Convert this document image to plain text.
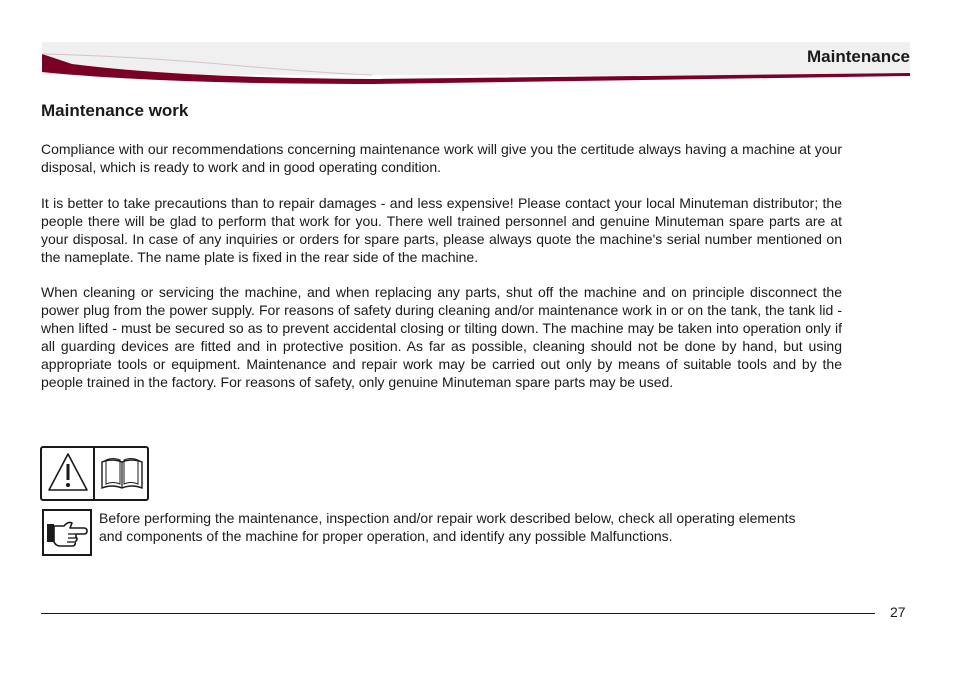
Maintenance
Maintenance work

Compliance with our recommendations concerning maintenance work will give you the certitude always having a machine at your disposal, which is ready to work and in good operating condition.

It is better to take precautions than to repair damages - and less expensive! Please contact your local Minuteman distributor; the people there will be glad to perform that work for you. There well trained personnel and genuine Minuteman spare parts are at your disposal. In case of any inquiries or orders for spare parts, please always quote the machine's serial number mentioned on the nameplate. The name plate is fixed in the rear side of the machine.

When cleaning or servicing the machine, and when replacing any parts, shut off the machine and on principle disconnect the power plug from the power supply. For reasons of safety during cleaning and/or maintenance work in or on the tank, the tank lid - when lifted - must be secured so as to prevent accidental closing or tilting down. The machine may be taken into operation only if all guarding devices are fitted and in protective position. As far as possible, cleaning should not be done by hand, but using appropriate tools or equipment. Maintenance and repair work may be carried out only by means of suitable tools and by the people trained in the factory. For reasons of safety, only genuine Minuteman spare parts may be used.

Before performing the maintenance, inspection and/or repair work described below, check all operating elements and components of the machine for proper operation, and identify any possible Malfunctions.

27
